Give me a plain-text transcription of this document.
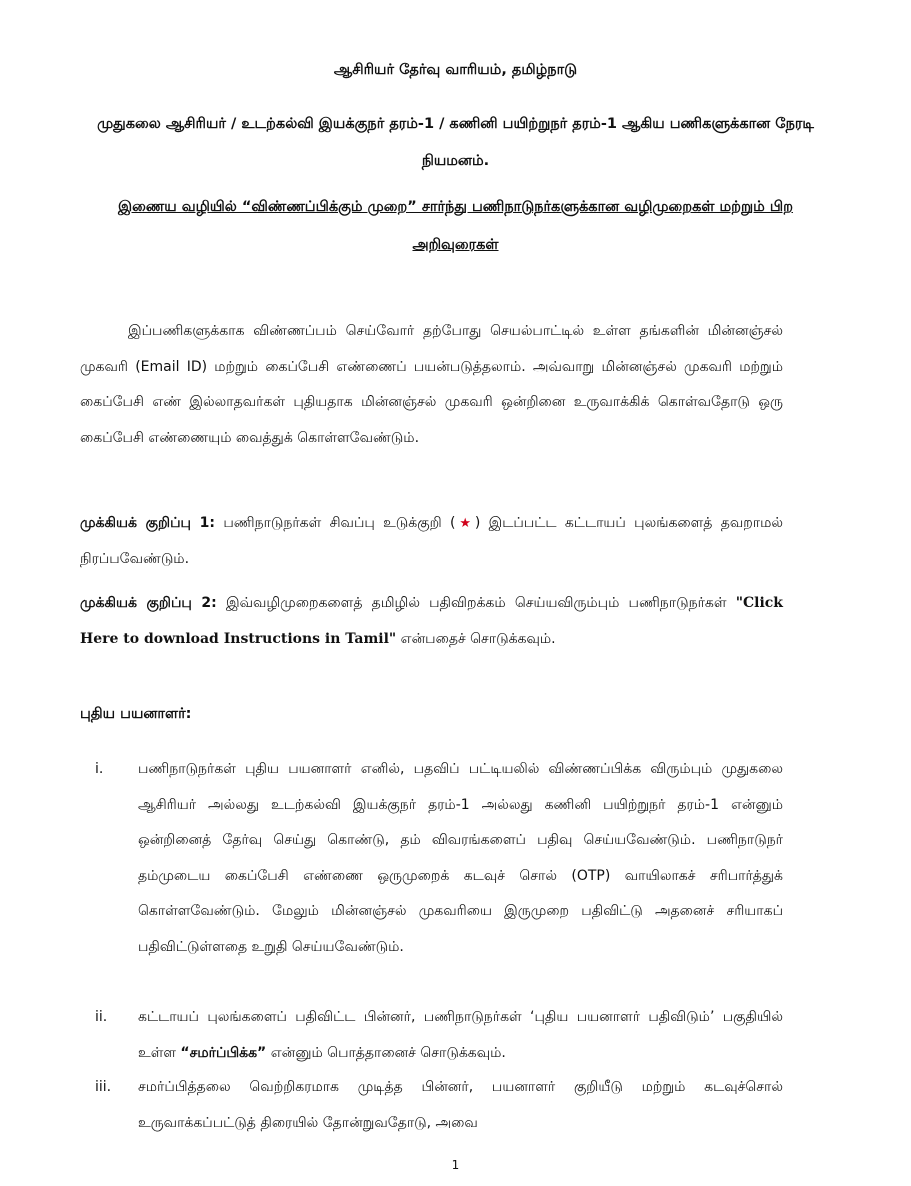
ஆசிரியர் தேர்வு வாரியம், தமிழ்நாடு
முதுகலை ஆசிரியர் / உடற்கல்வி இயக்குநர் தரம்-1 / கணினி பயிற்றுநர் தரம்-1 ஆகிய பணிகளுக்கான நேரடி நியமனம்.
இணைய வழியில் “விண்ணப்பிக்கும் முறை” சார்ந்து பணிநாடுநர்களுக்கான வழிமுறைகள் மற்றும் பிற அறிவுரைகள்
இப்பணிகளுக்காக விண்ணப்பம் செய்வோர் தற்போது செயல்பாட்டில் உள்ள தங்களின் மின்னஞ்சல் முகவரி (Email ID) மற்றும் கைப்பேசி எண்ணைப் பயன்படுத்தலாம். அவ்வாறு மின்னஞ்சல் முகவரி மற்றும் கைப்பேசி எண் இல்லாதவர்கள் புதியதாக மின்னஞ்சல் முகவரி ஒன்றினை உருவாக்கிக் கொள்வதோடு ஒரு கைப்பேசி எண்ணையும் வைத்துக் கொள்ளவேண்டும்.
முக்கியக் குறிப்பு 1: பணிநாடுநர்கள் சிவப்பு உடுக்குறி (★) இடப்பட்ட கட்டாயப் புலங்களைத் தவறாமல் நிரப்பவேண்டும்.
முக்கியக் குறிப்பு 2: இவ்வழிமுறைகளைத் தமிழில் பதிவிறக்கம் செய்யவிரும்பும் பணிநாடுநர்கள் "Click Here to download Instructions in Tamil" என்பதைச் சொடுக்கவும்.
புதிய பயனாளர்:
i. பணிநாடுநர்கள் புதிய பயனாளர் எனில், பதவிப் பட்டியலில் விண்ணப்பிக்க விரும்பும் முதுகலை ஆசிரியர் அல்லது உடற்கல்வி இயக்குநர் தரம்-1 அல்லது கணினி பயிற்றுநர் தரம்-1 என்னும் ஒன்றினைத் தேர்வு செய்து கொண்டு, தம் விவரங்களைப் பதிவு செய்யவேண்டும். பணிநாடுநர் தம்முடைய கைப்பேசி எண்ணை ஒருமுறைக் கடவுச் சொல் (OTP) வாயிலாகச் சரிபார்த்துக் கொள்ளவேண்டும். மேலும் மின்னஞ்சல் முகவரியை இருமுறை பதிவிட்டு அதனைச் சரியாகப் பதிவிட்டுள்ளதை உறுதி செய்யவேண்டும்.
ii. கட்டாயப் புலங்களைப் பதிவிட்ட பின்னர், பணிநாடுநர்கள் ‘புதிய பயனாளர் பதிவிடும்’ பகுதியில் உள்ள “சமர்ப்பிக்க” என்னும் பொத்தானைச் சொடுக்கவும்.
iii. சமர்ப்பித்தலை வெற்றிகரமாக முடித்த பின்னர், பயனாளர் குறியீடு மற்றும் கடவுச்சொல் உருவாக்கப்பட்டுத் திரையில் தோன்றுவதோடு, அவை
1
